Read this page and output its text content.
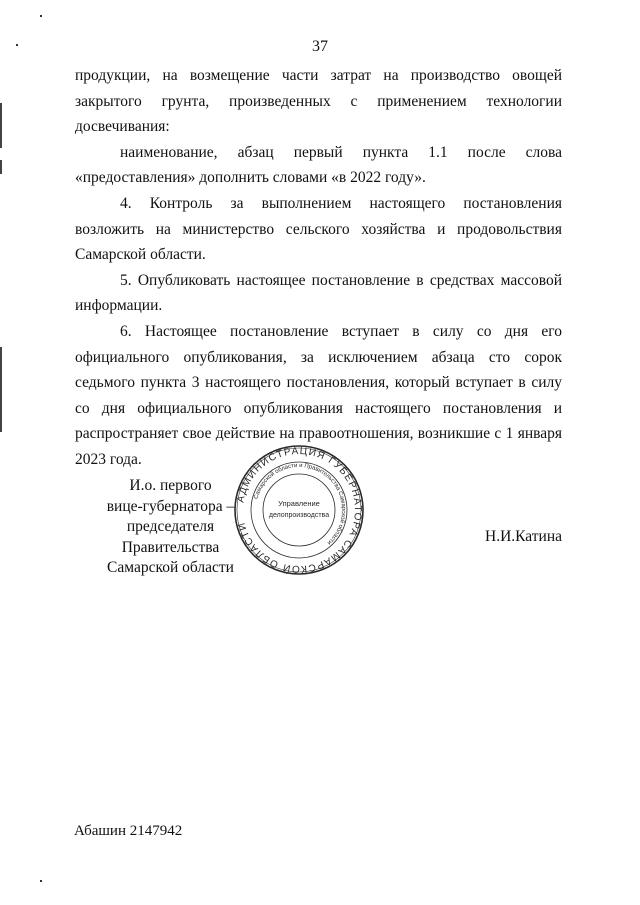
37

продукции, на возмещение части затрат на производство овощей закрытого грунта, произведенных с применением технологии досвечивания:

наименование, абзац первый пункта 1.1 после слова «предоставления» дополнить словами «в 2022 году».

4. Контроль за выполнением настоящего постановления возложить на министерство сельского хозяйства и продовольствия Самарской области.

5. Опубликовать настоящее постановление в средствах массовой информации.

6. Настоящее постановление вступает в силу со дня его официального опубликования, за исключением абзаца сто сорок седьмого пункта 3 настоящего постановления, который вступает в силу со дня официального опубликования настоящего постановления и распространяет свое действие на правоотношения, возникшие с 1 января 2023 года.

И.о. первого
вице-губернатора –
председателя Правительства
Самарской области
АДМИНИСТРАЦИЯ ГУБЕРНАТОРА САМАРСКОЙ ОБЛАСТИ
Самарской области и Правительства Самарской области
Управление
делопроизводства
Н.И.Катина
Абашин 2147942
